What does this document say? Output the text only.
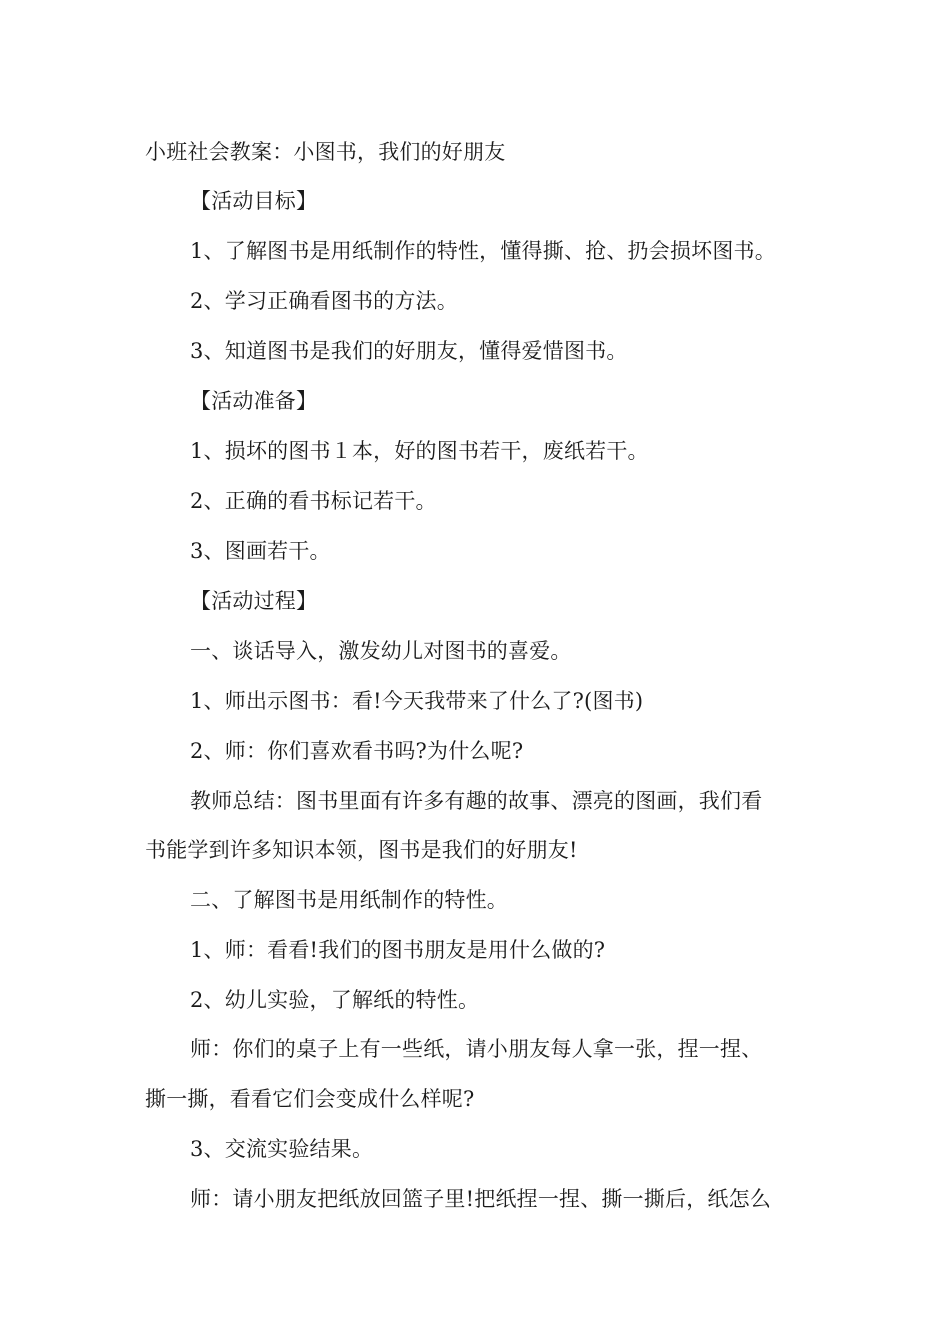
小班社会教案：小图书，我们的好朋友
【活动目标】
1、了解图书是用纸制作的特性，懂得撕、抢、扔会损坏图书。
2、学习正确看图书的方法。
3、知道图书是我们的好朋友，懂得爱惜图书。
【活动准备】
1、损坏的图书１本，好的图书若干，废纸若干。
2、正确的看书标记若干。
3、图画若干。
【活动过程】
一、谈话导入，激发幼儿对图书的喜爱。
1、师出示图书：看!今天我带来了什么了?(图书)
2、师：你们喜欢看书吗?为什么呢?
教师总结：图书里面有许多有趣的故事、漂亮的图画，我们看
书能学到许多知识本领，图书是我们的好朋友!
二、了解图书是用纸制作的特性。
1、师：看看!我们的图书朋友是用什么做的?
2、幼儿实验，了解纸的特性。
师：你们的桌子上有一些纸，请小朋友每人拿一张，捏一捏、
撕一撕，看看它们会变成什么样呢?
3、交流实验结果。
师：请小朋友把纸放回篮子里!把纸捏一捏、撕一撕后，纸怎么
